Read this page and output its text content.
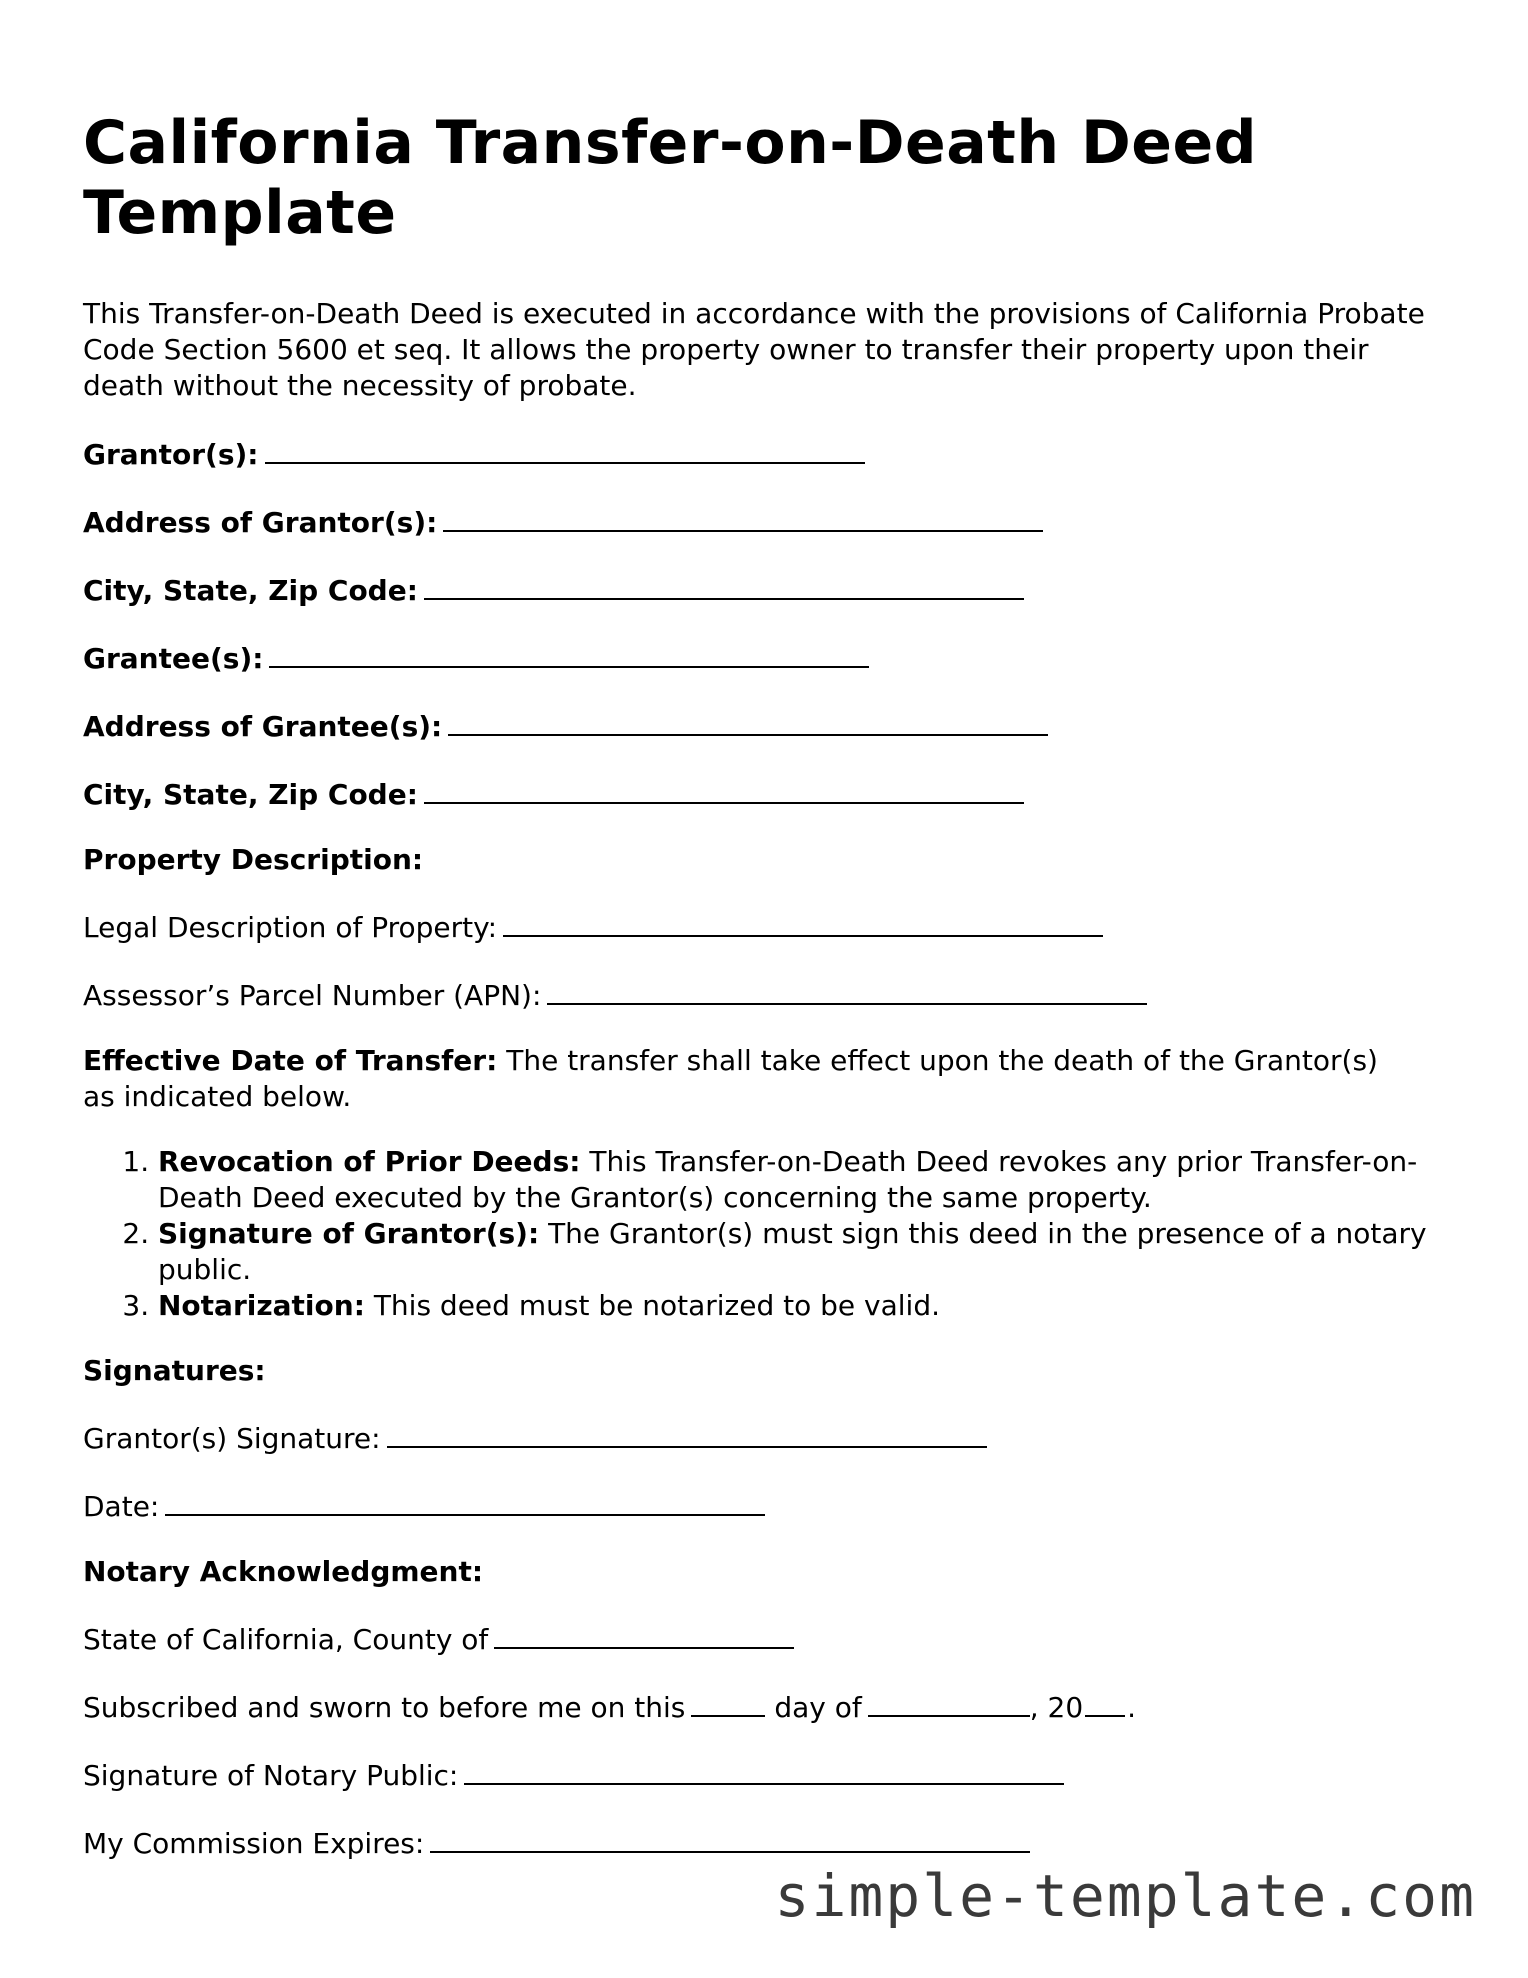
California Transfer-on-Death Deed Template

This Transfer-on-Death Deed is executed in accordance with the provisions of California Probate Code Section 5600 et seq. It allows the property owner to transfer their property upon their death without the necessity of probate.

Grantor(s):
Address of Grantor(s):
City, State, Zip Code:
Grantee(s):
Address of Grantee(s):
City, State, Zip Code:
Property Description:
Legal Description of Property:
Assessor’s Parcel Number (APN):
Effective Date of Transfer: The transfer shall take effect upon the death of the Grantor(s) as indicated below.
1. Revocation of Prior Deeds: This Transfer-on-Death Deed revokes any prior Transfer-on-Death Deed executed by the Grantor(s) concerning the same property.
2. Signature of Grantor(s): The Grantor(s) must sign this deed in the presence of a notary public.
3. Notarization: This deed must be notarized to be valid.
Signatures:
Grantor(s) Signature:
Date:
Notary Acknowledgment:
State of California, County of
Subscribed and sworn to before me on this	day of	, 20 .
Signature of Notary Public:
My Commission Expires:
simple-template.com
